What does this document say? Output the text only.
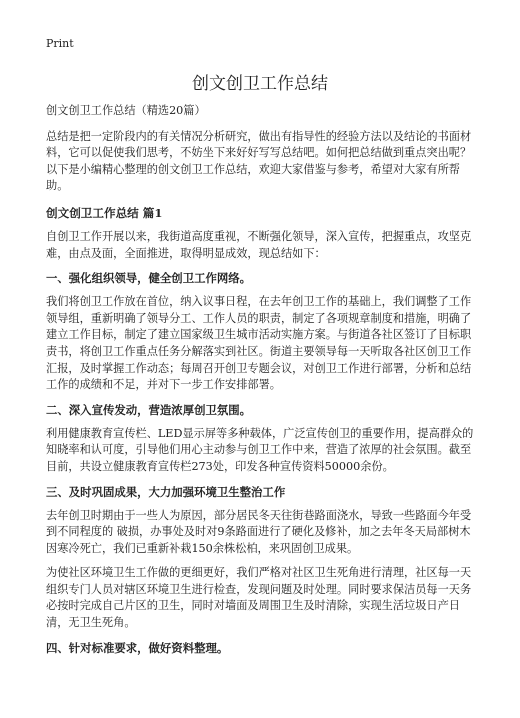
Print
创文创卫工作总结

创文创卫工作总结（精选20篇）

总结是把一定阶段内的有关情况分析研究，做出有指导性的经验方法以及结论的书面材料，它可以促使我们思考，不妨坐下来好好写写总结吧。如何把总结做到重点突出呢？以下是小编精心整理的创文创卫工作总结，欢迎大家借鉴与参考，希望对大家有所帮助。

创文创卫工作总结 篇1

自创卫工作开展以来，我街道高度重视，不断强化领导，深入宣传，把握重点，攻坚克难，由点及面，全面推进，取得明显成效，现总结如下：

一、强化组织领导，健全创卫工作网络。

我们将创卫工作放在首位，纳入议事日程，在去年创卫工作的基础上，我们调整了工作领导组，重新明确了领导分工、工作人员的职责，制定了各项规章制度和措施，明确了建立工作目标，制定了建立国家级卫生城市活动实施方案。与街道各社区签订了目标职责书，将创卫工作重点任务分解落实到社区。街道主要领导每一天听取各社区创卫工作汇报，及时掌握工作动态；每周召开创卫专题会议，对创卫工作进行部署，分析和总结工作的成绩和不足，并对下一步工作安排部署。

二、深入宣传发动，营造浓厚创卫氛围。

利用健康教育宣传栏、LED显示屏等多种载体，广泛宣传创卫的重要作用，提高群众的知晓率和认可度，引导他们用心主动参与创卫工作中来，营造了浓厚的社会氛围。截至目前，共设立健康教育宣传栏273处，印发各种宣传资料50000余份。

三、及时巩固成果，大力加强环境卫生整治工作

去年创卫时期由于一些人为原因，部分居民冬天往街巷路面浇水，导致一些路面今年受到不同程度的 破损，办事处及时对9条路面进行了硬化及修补，加之去年冬天局部树木因寒冷死亡，我们已重新补栽150余株松柏，来巩固创卫成果。

为使社区环境卫生工作做的更细更好，我们严格对社区卫生死角进行清理，社区每一天组织专门人员对辖区环境卫生进行检查，发现问题及时处理。同时要求保洁员每一天务必按时完成自己片区的卫生，同时对墙面及周围卫生及时清除，实现生活垃圾日产日清，无卫生死角。

四、针对标准要求，做好资料整理。
